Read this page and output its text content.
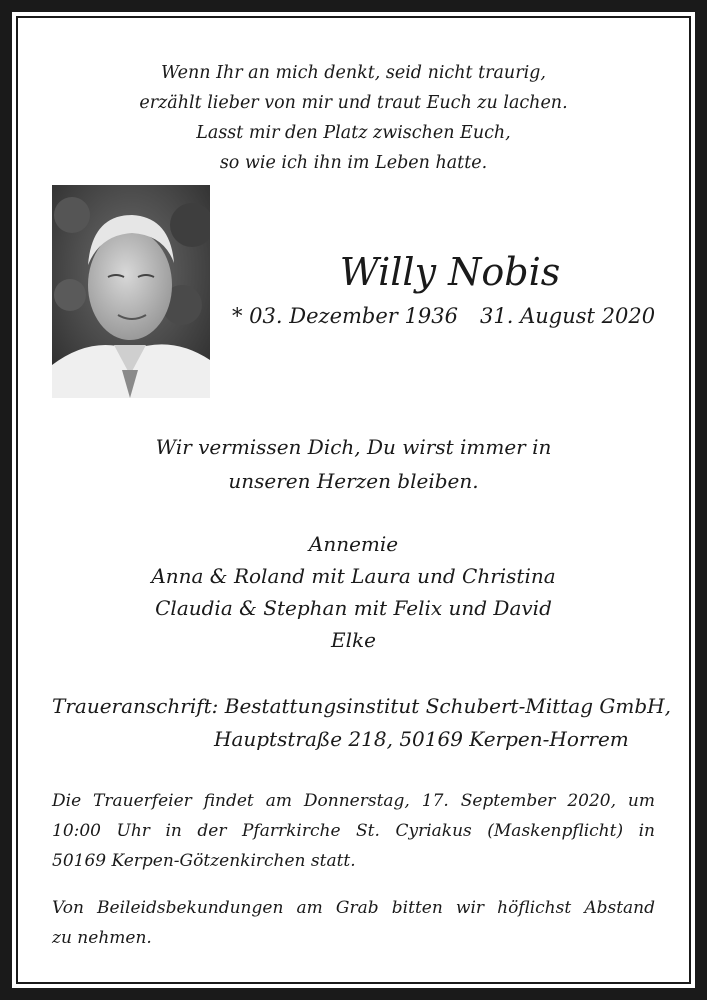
Wenn Ihr an mich denkt, seid nicht traurig,
erzählt lieber von mir und traut Euch zu lachen.
Lasst mir den Platz zwischen Euch,
so wie ich ihn im Leben hatte.
Willy Nobis
* 03. Dezember 1936 31. August 2020
Wir vermissen Dich, Du wirst immer in
unseren Herzen bleiben.
Annemie
Anna & Roland mit Laura und Christina
Claudia & Stephan mit Felix und David
Elke
Traueranschrift: Bestattungsinstitut Schubert-Mittag GmbH,
Hauptstraße 218, 50169 Kerpen-Horrem
Die Trauerfeier findet am Donnerstag, 17. September 2020, um
10:00 Uhr in der Pfarrkirche St. Cyriakus (Maskenpflicht) in
50169 Kerpen-Götzenkirchen statt.
Von Beileidsbekundungen am Grab bitten wir höflichst Abstand
zu nehmen.
